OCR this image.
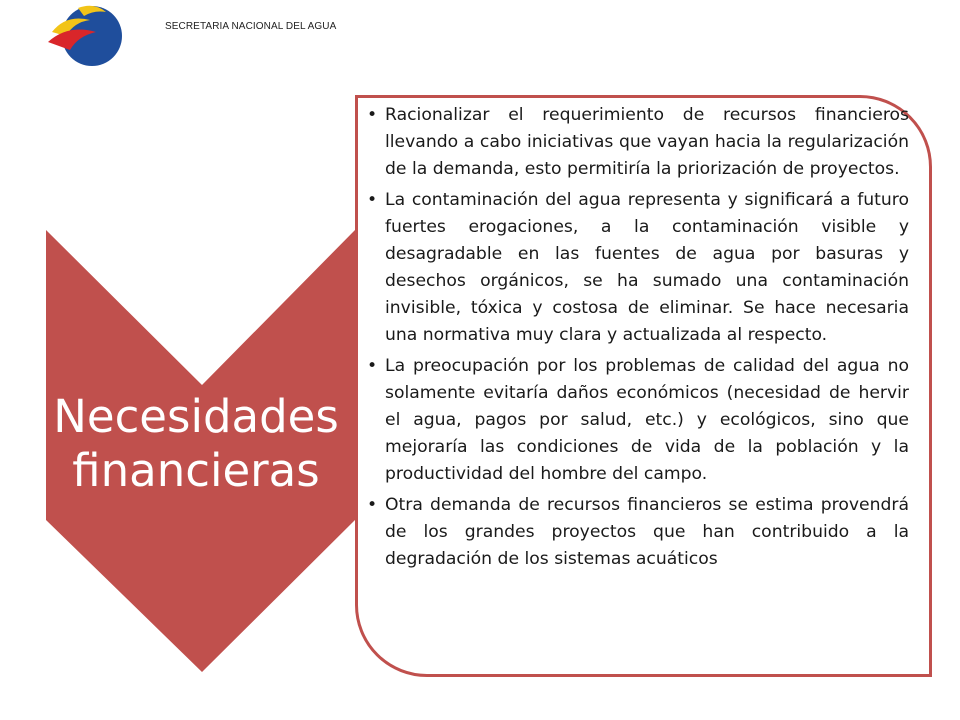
SECRETARIA NACIONAL DEL AGUA
Necesidades financieras
• Racionalizar el requerimiento de recursos financieros llevando a cabo iniciativas que vayan hacia la regularización de la demanda, esto permitiría la priorización de proyectos.
• La contaminación del agua representa y significará a futuro fuertes erogaciones, a la contaminación visible y desagradable en las fuentes de agua por basuras y desechos orgánicos, se ha sumado una contaminación invisible, tóxica y costosa de eliminar. Se hace necesaria una normativa muy clara y actualizada al respecto.
• La preocupación por los problemas de calidad del agua no solamente evitaría daños económicos (necesidad de hervir el agua, pagos por salud, etc.) y ecológicos, sino que mejoraría las condiciones de vida de la población y la productividad del hombre del campo.
• Otra demanda de recursos financieros se estima provendrá de los grandes proyectos que han contribuido a la degradación de los sistemas acuáticos
